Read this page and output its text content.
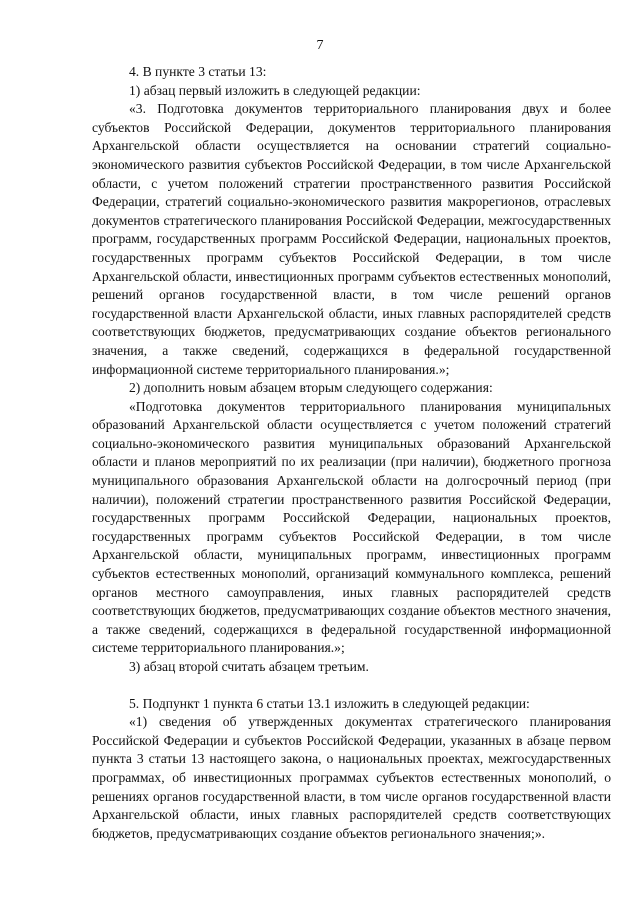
7

4. В пункте 3 статьи 13:

1) абзац первый изложить в следующей редакции:

«3. Подготовка документов территориального планирования двух и более субъектов Российской Федерации, документов территориального планирования Архангельской области осуществляется на основании стратегий социально-экономического развития субъектов Российской Федерации, в том числе Архангельской области, с учетом положений стратегии пространственного развития Российской Федерации, стратегий социально-экономического развития макрорегионов, отраслевых документов стратегического планирования Российской Федерации, межгосударственных программ, государственных программ Российской Федерации, национальных проектов, государственных программ субъектов Российской Федерации, в том числе Архангельской области, инвестиционных программ субъектов естественных монополий, решений органов государственной власти, в том числе решений органов государственной власти Архангельской области, иных главных распорядителей средств соответствующих бюджетов, предусматривающих создание объектов регионального значения, а также сведений, содержащихся в федеральной государственной информационной системе территориального планирования.»;

2) дополнить новым абзацем вторым следующего содержания:

«Подготовка документов территориального планирования муниципальных образований Архангельской области осуществляется с учетом положений стратегий социально-экономического развития муниципальных образований Архангельской области и планов мероприятий по их реализации (при наличии), бюджетного прогноза муниципального образования Архангельской области на долгосрочный период (при наличии), положений стратегии пространственного развития Российской Федерации, государственных программ Российской Федерации, национальных проектов, государственных программ субъектов Российской Федерации, в том числе Архангельской области, муниципальных программ, инвестиционных программ субъектов естественных монополий, организаций коммунального комплекса, решений органов местного самоуправления, иных главных распорядителей средств соответствующих бюджетов, предусматривающих создание объектов местного значения, а также сведений, содержащихся в федеральной государственной информационной системе территориального планирования.»;

3) абзац второй считать абзацем третьим.

5. Подпункт 1 пункта 6 статьи 13.1 изложить в следующей редакции:

«1) сведения об утвержденных документах стратегического планирования Российской Федерации и субъектов Российской Федерации, указанных в абзаце первом пункта 3 статьи 13 настоящего закона, о национальных проектах, межгосударственных программах, об инвестиционных программах субъектов естественных монополий, о решениях органов государственной власти, в том числе органов государственной власти Архангельской области, иных главных распорядителей средств соответствующих бюджетов, предусматривающих создание объектов регионального значения;».
